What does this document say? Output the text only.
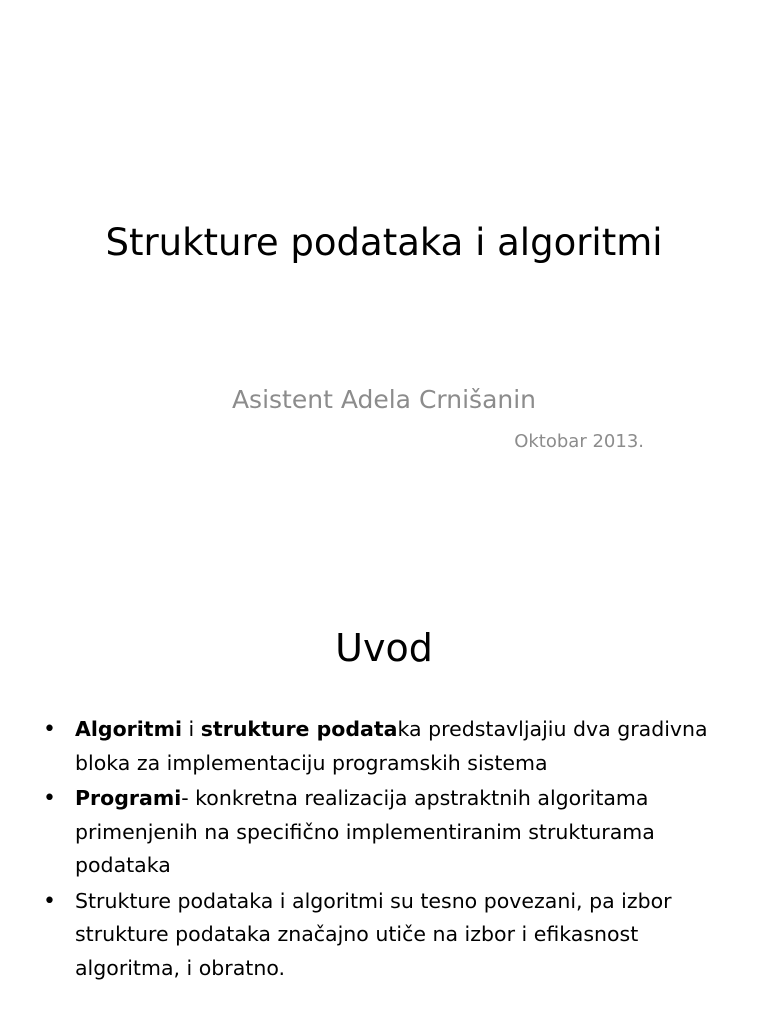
Strukture podataka i algoritmi

Asistent Adela Crnišanin

Oktobar 2013.

Uvod
• Algoritmi i strukture podataka predstavljajiu dva gradivna bloka za implementaciju programskih sistema
• Programi- konkretna realizacija apstraktnih algoritama primenjenih na specifično implementiranim strukturama podataka
• Strukture podataka i algoritmi su tesno povezani, pa izbor strukture podataka značajno utiče na izbor i efikasnost algoritma, i obratno.
